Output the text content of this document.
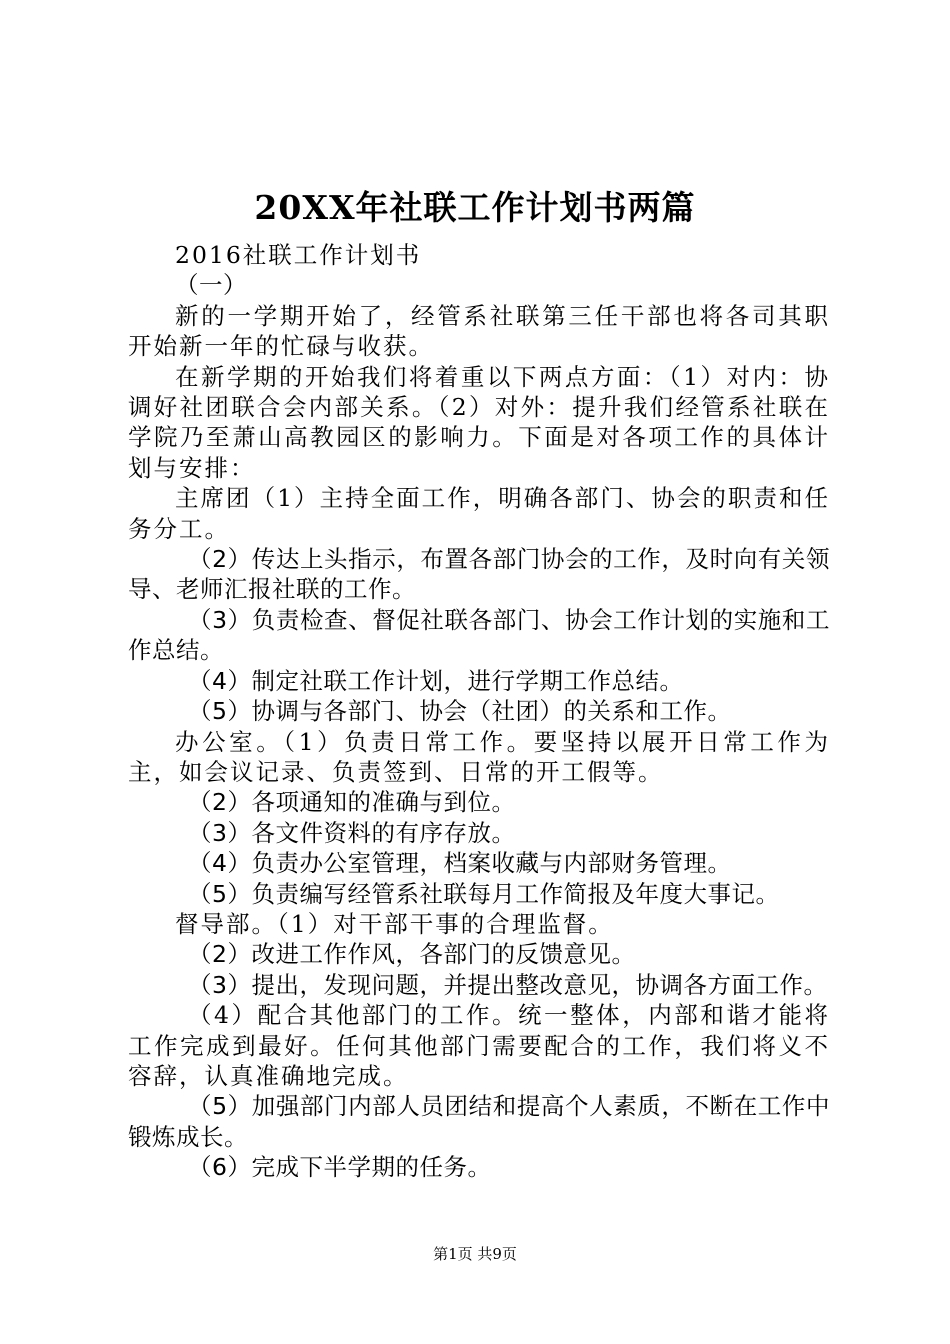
20XX年社联工作计划书两篇

2016社联工作计划书

（一）

新的一学期开始了，经管系社联第三任干部也将各司其职开始新一年的忙碌与收获。

在新学期的开始我们将着重以下两点方面：（1）对内：协调好社团联合会内部关系。（2）对外：提升我们经管系社联在学院乃至萧山高教园区的影响力。下面是对各项工作的具体计划与安排：

主席团（1）主持全面工作，明确各部门、协会的职责和任务分工。

（2）传达上头指示，布置各部门协会的工作，及时向有关领导、老师汇报社联的工作。

（3）负责检查、督促社联各部门、协会工作计划的实施和工作总结。

（4）制定社联工作计划，进行学期工作总结。

（5）协调与各部门、协会（社团）的关系和工作。

办公室。（1）负责日常工作。要坚持以展开日常工作为主，如会议记录、负责签到、日常的开工假等。

（2）各项通知的准确与到位。

（3）各文件资料的有序存放。

（4）负责办公室管理，档案收藏与内部财务管理。

（5）负责编写经管系社联每月工作简报及年度大事记。

督导部。（1）对干部干事的合理监督。

（2）改进工作作风，各部门的反馈意见。

（3）提出，发现问题，并提出整改意见，协调各方面工作。

（4）配合其他部门的工作。统一整体，内部和谐才能将工作完成到最好。任何其他部门需要配合的工作，我们将义不容辞，认真准确地完成。

（5）加强部门内部人员团结和提高个人素质，不断在工作中锻炼成长。

（6）完成下半学期的任务。

第1页 共9页
